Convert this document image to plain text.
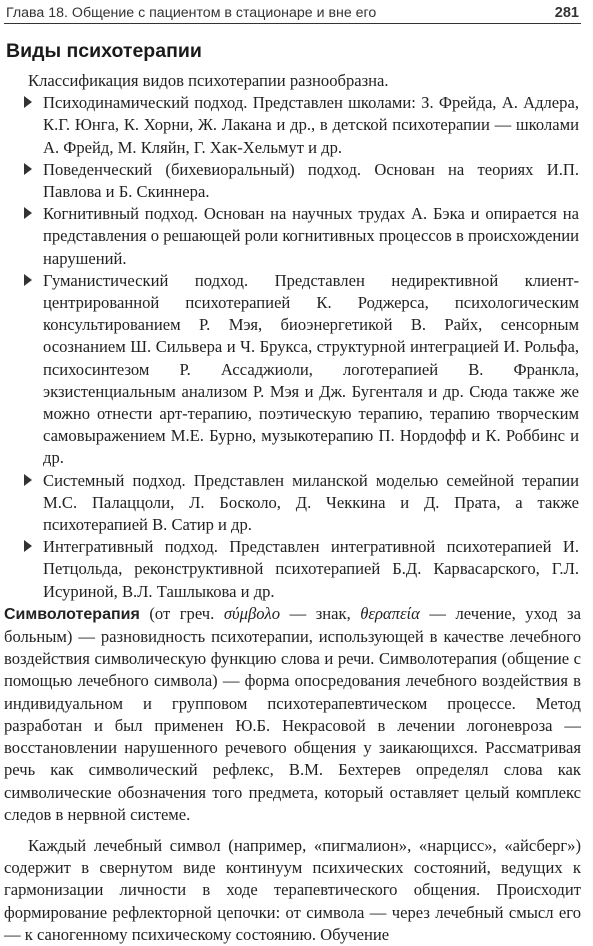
Глава 18. Общение с пациентом в стационаре и вне его	281
Виды психотерапии

Классификация видов психотерапии разнообразна.

Психодинамический подход. Представлен школами: З. Фрейда, А. Адлера, К.Г. Юнга, К. Хорни, Ж. Лакана и др., в детской психотерапии — школами А. Фрейд, М. Кляйн, Г. Хак-Хельмут и др.
Поведенческий (бихевиоральный) подход. Основан на теориях И.П. Павлова и Б. Скиннера.
Когнитивный подход. Основан на научных трудах А. Бэка и опирается на представления о решающей роли когнитивных процессов в происхождении нарушений.
Гуманистический подход. Представлен недирективной клиент-центрированной психотерапией К. Роджерса, психологическим консультированием Р. Мэя, биоэнергетикой В. Райх, сенсорным осознанием Ш. Сильвера и Ч. Брукса, структурной интеграцией И. Рольфа, психосинтезом Р. Ассаджиоли, логотерапией В. Франкла, экзистенциальным анализом Р. Мэя и Дж. Бугенталя и др. Сюда также же можно отнести арт-терапию, поэтическую терапию, терапию творческим самовыражением М.Е. Бурно, музыкотерапию П. Нордофф и К. Роббинс и др.
Системный подход. Представлен миланской моделью семейной терапии М.С. Палаццоли, Л. Босколо, Д. Чеккина и Д. Прата, а также психотерапией В. Сатир и др.
Интегративный подход. Представлен интегративной психотерапией И. Петцольда, реконструктивной психотерапией Б.Д. Карвасарского, Г.Л. Исуриной, В.Л. Ташлыкова и др.

Символотерапия (от греч. σύμβολο — знак, θεραπεία — лечение, уход за больным) — разновидность психотерапии, использующей в качестве лечебного воздействия символическую функцию слова и речи. Символотерапия (общение с помощью лечебного символа) — форма опосредования лечебного воздействия в индивидуальном и групповом психотерапевтическом процессе. Метод разработан и был применен Ю.Б. Некрасовой в лечении логоневроза — восстановлении нарушенного речевого общения у заикающихся. Рассматривая речь как символический рефлекс, В.М. Бехтерев определял слова как символические обозначения того предмета, который оставляет целый комплекс следов в нервной системе.

Каждый лечебный символ (например, «пигмалион», «нарцисс», «айсберг») содержит в свернутом виде континуум психических состояний, ведущих к гармонизации личности в ходе терапевтического общения. Происходит формирование рефлекторной цепочки: от символа — через лечебный смысл его — к саногенному психическому состоянию. Обучение
